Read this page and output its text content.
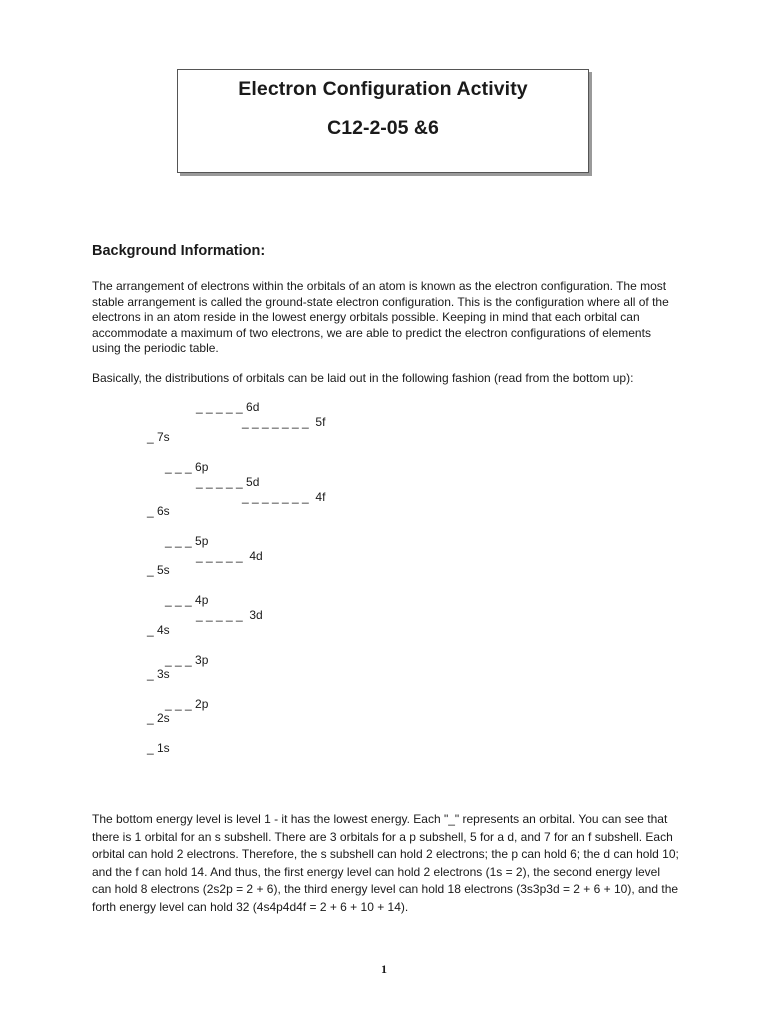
Electron Configuration Activity
C12-2-05 &6
Background Information:
The arrangement of electrons within the orbitals of an atom is known as the electron configuration. The most stable arrangement is called the ground-state electron configuration. This is the configuration where all of the electrons in an atom reside in the lowest energy orbitals possible. Keeping in mind that each orbital can accommodate a maximum of two electrons, we are able to predict the electron configurations of elements using the periodic table.
Basically, the distributions of orbitals can be laid out in the following fashion (read from the bottom up):
_ _ _ _ _ 6d
_ _ _ _ _ _ _  5f
_ 7s
_ _ _ 6p
_ _ _ _ _ 5d
_ _ _ _ _ _ _  4f
_ 6s
_ _ _ 5p
_ _ _ _ _  4d
_ 5s
_ _ _ 4p
_ _ _ _ _  3d
_ 4s
_ _ _ 3p
_ 3s
_ _ _ 2p
_ 2s
_ 1s
The bottom energy level is level 1 - it has the lowest energy. Each "_" represents an orbital. You can see that there is 1 orbital for an s subshell. There are 3 orbitals for a p subshell, 5 for a d, and 7 for an f subshell. Each orbital can hold 2 electrons. Therefore, the s subshell can hold 2 electrons; the p can hold 6; the d can hold 10; and the f can hold 14. And thus, the first energy level can hold 2 electrons (1s = 2), the second energy level can hold 8 electrons (2s2p = 2 + 6), the third energy level can hold 18 electrons (3s3p3d = 2 + 6 + 10), and the forth energy level can hold 32 (4s4p4d4f = 2 + 6 + 10 + 14).
1
